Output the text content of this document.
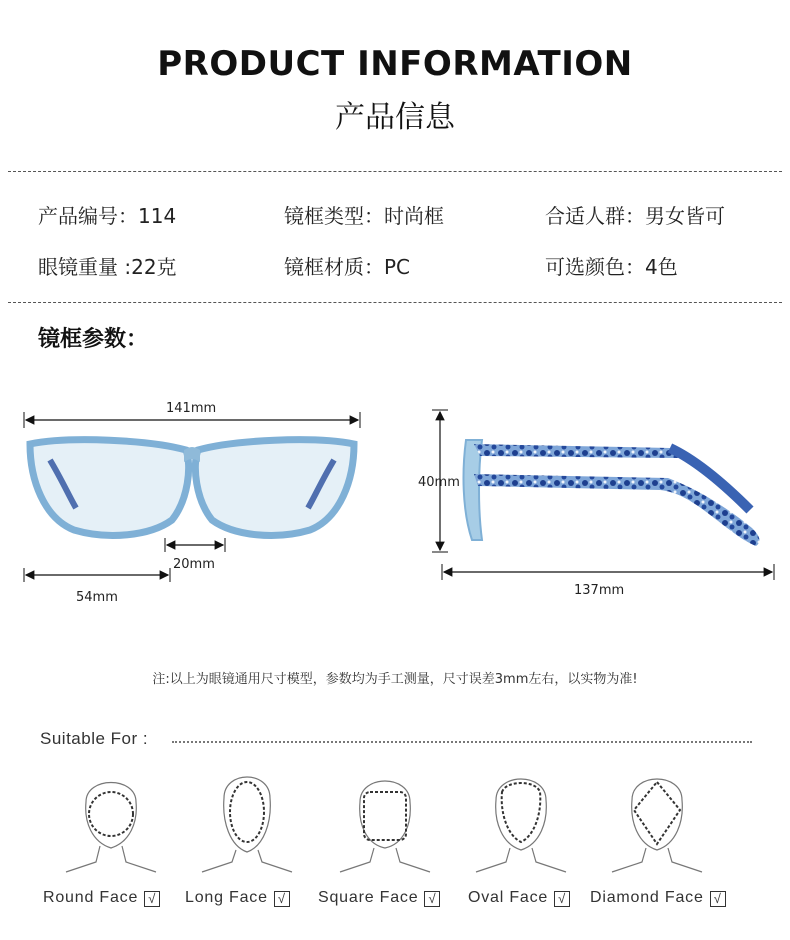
PRODUCT INFORMATION
产品信息
产品编号：114	镜框类型：时尚框	合适人群：男女皆可
眼镜重量 :22克	镜框材质：PC	可选颜色：4色
镜框参数：
141mm
20mm
54mm
40mm
137mm
注:以上为眼镜通用尺寸模型，参数均为手工测量，尺寸误差3mm左右，以实物为准!
Suitable For :
Round Face √ Long Face √ Square Face √ Oval Face √ Diamond Face √
